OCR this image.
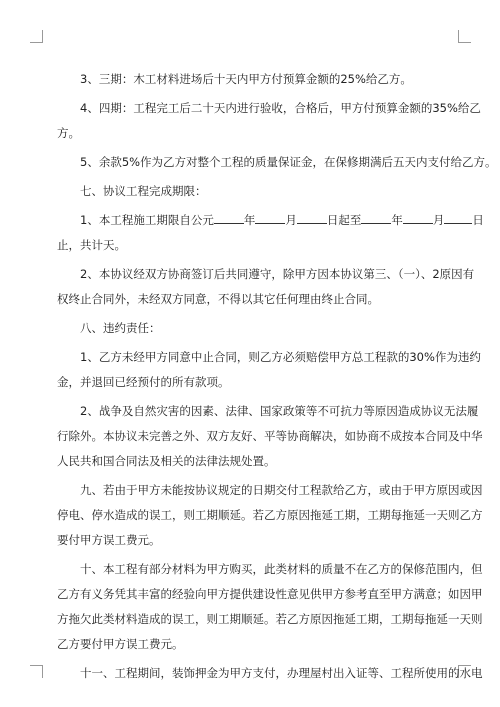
3、三期：木工材料进场后十天内甲方付预算金额的25%给乙方。

4、四期：工程完工后二十天内进行验收，合格后，甲方付预算金额的35%给乙

方。

5、余款5%作为乙方对整个工程的质量保证金，在保修期满后五天内支付给乙方。

七、协议工程完成期限：

1、本工程施工期限自公元	年	月	日起至	年	月 日

止，共计天。

2、本协议经双方协商签订后共同遵守，除甲方因本协议第三、（一）、2原因有

权终止合同外，未经双方同意，不得以其它任何理由终止合同。

八、违约责任：

1、乙方未经甲方同意中止合同，则乙方必须赔偿甲方总工程款的30%作为违约

金，并退回已经预付的所有款项。

2、战争及自然灾害的因素、法律、国家政策等不可抗力等原因造成协议无法履

行除外。本协议未完善之外、双方友好、平等协商解决，如协商不成按本合同及中华

人民共和国合同法及相关的法律法规处置。

九、若由于甲方未能按协议规定的日期交付工程款给乙方，或由于甲方原因或因

停电、停水造成的误工，则工期顺延。若乙方原因拖延工期，工期每拖延一天则乙方

要付甲方误工费元。

十、本工程有部分材料为甲方购买，此类材料的质量不在乙方的保修范围内，但

乙方有义务凭其丰富的经验向甲方提供建设性意见供甲方参考直至甲方满意；如因甲

方拖欠此类材料造成的误工，则工期顺延。若乙方原因拖延工期，工期每拖延一天则

乙方要付甲方误工费元。

十一、工程期间，装饰押金为甲方支付，办理屋村出入证等、工程所使用的水电
